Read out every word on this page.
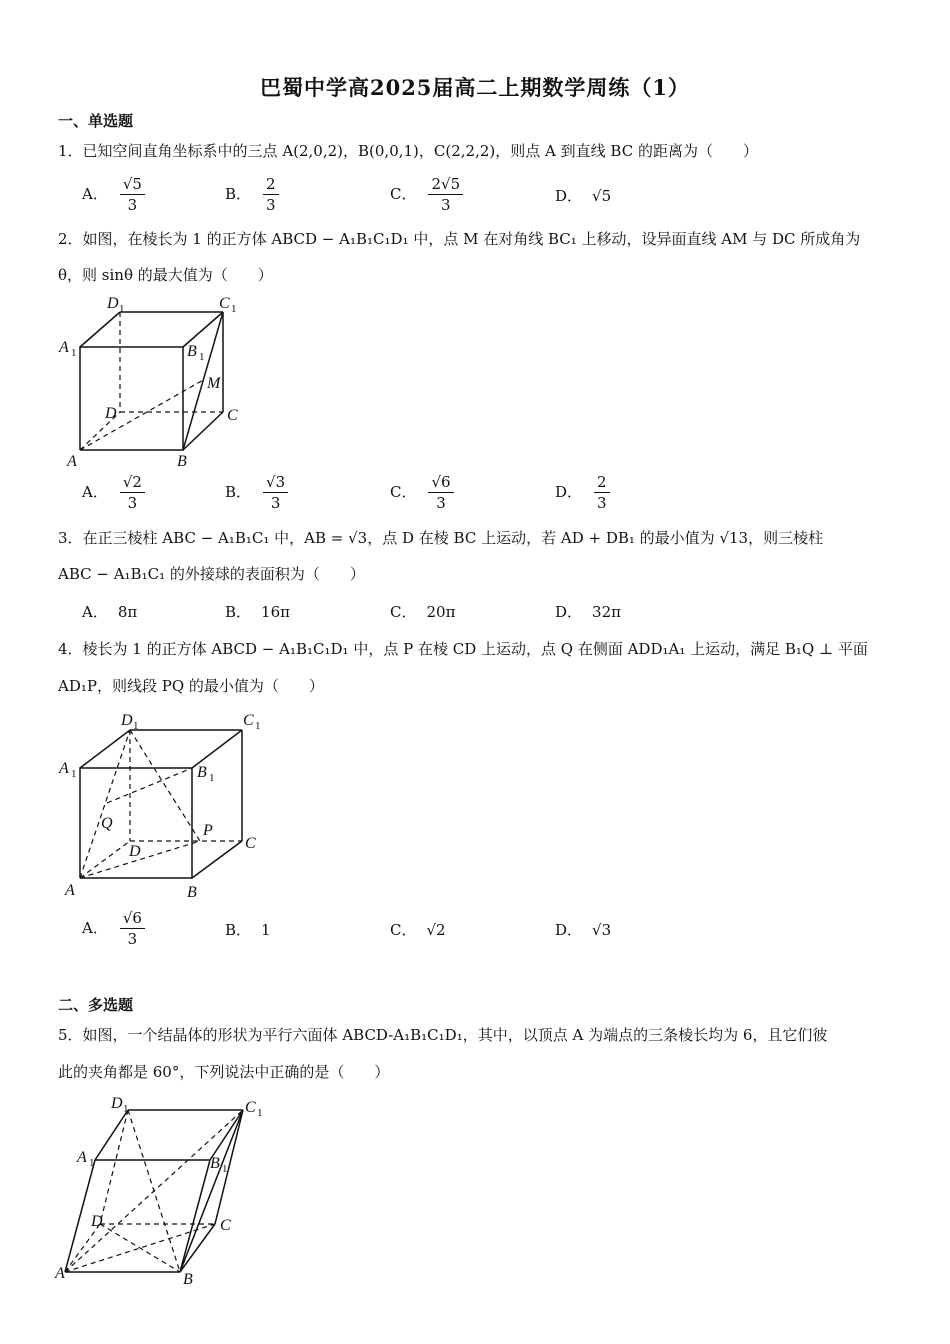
巴蜀中学高2025届高二上期数学周练（1）
一、单选题
1．已知空间直角坐标系中的三点 A(2,0,2)，B(0,0,1)，C(2,2,2)，则点 A 到直线 BC 的距离为（　　）
A． $\frac{√5}{3}$	B． $\frac{2}{3}$	C． $\frac{2√5}{3}$	D． √5
2．如图，在棱长为 1 的正方体 ABCD − A₁B₁C₁D₁ 中，点 M 在对角线 BC₁ 上移动，设异面直线 AM 与 DC 所成角为
θ，则 sinθ 的最大值为（　　）
D 1	C 1
A 1	B 1
M
D	C
A	B
A． $\frac{√2}{3}$	B． $\frac{√3}{3}$	C． $\frac{√6}{3}$	D． $\frac{2}{3}$
3．在正三棱柱 ABC − A₁B₁C₁ 中，AB = √3，点 D 在棱 BC 上运动，若 AD + DB₁ 的最小值为 √13，则三棱柱
ABC − A₁B₁C₁ 的外接球的表面积为（　　）
A． 8π	B． 16π	C． 20π	D． 32π
4．棱长为 1 的正方体 ABCD − A₁B₁C₁D₁ 中，点 P 在棱 CD 上运动，点 Q 在侧面 ADD₁A₁ 上运动，满足 B₁Q ⊥ 平面
AD₁P，则线段 PQ 的最小值为（　　）
D 1	C 1
A 1	B 1
Q	P
D	C
A	B
A． $\frac{√6}{3}$	B． 1	C． √2	D． √3
二、多选题
5．如图，一个结晶体的形状为平行六面体 ABCD-A₁B₁C₁D₁，其中，以顶点 A 为端点的三条棱长均为 6，且它们彼
此的夹角都是 60°，下列说法中正确的是（　　）
D 1	C 1
A 1	B 1
D	C
A	B
